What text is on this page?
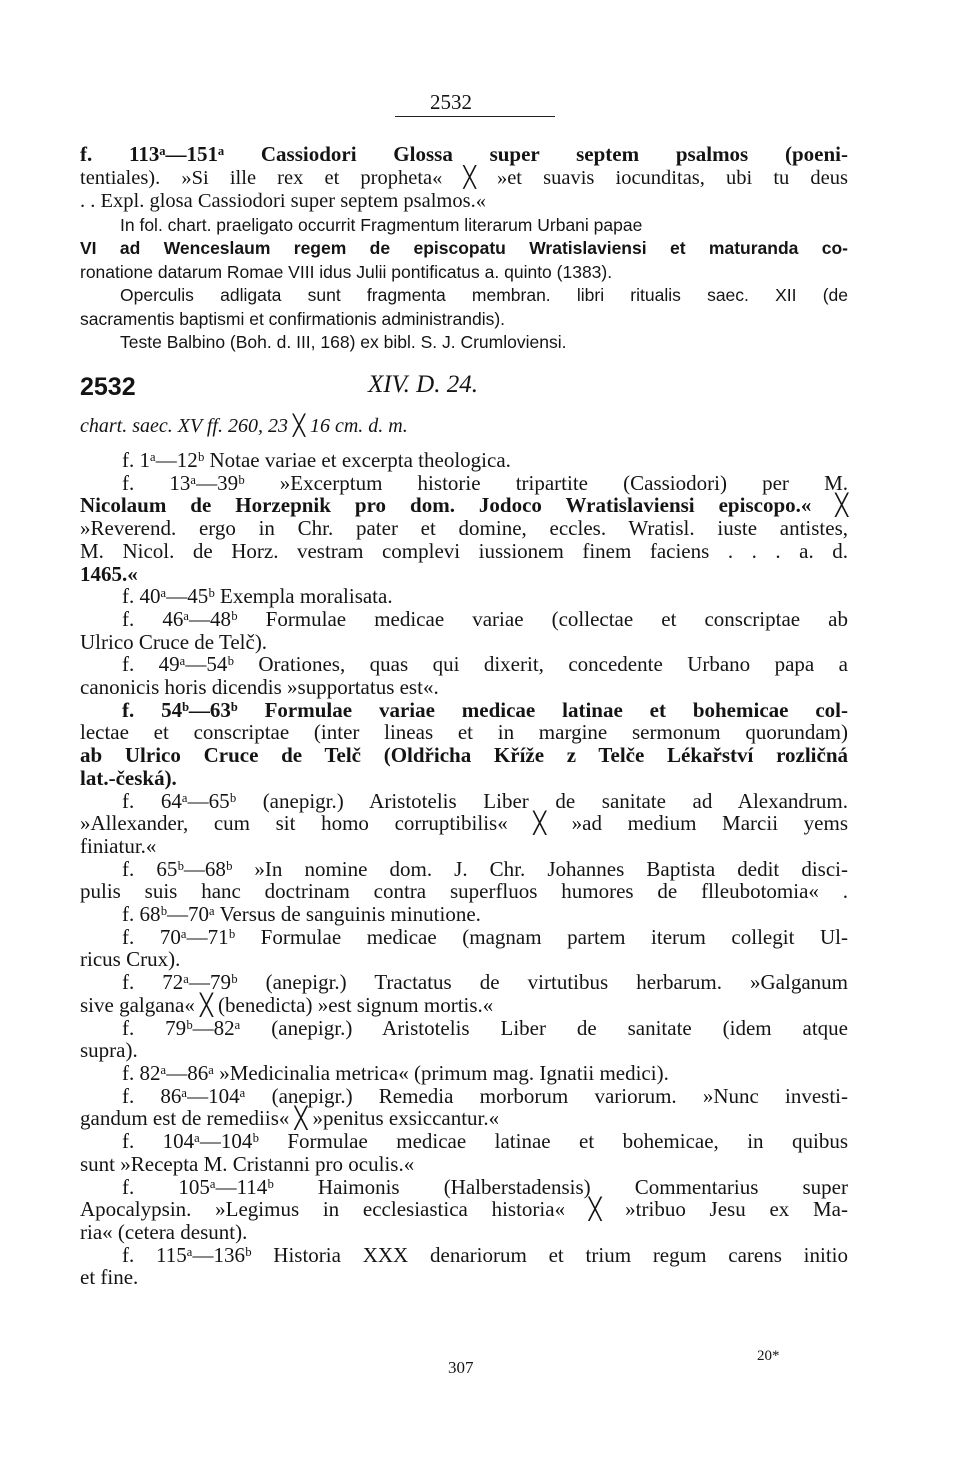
2532
f. 113ᵃ—151ᵃ Cassiodori Glossa super septem psalmos (poeni-
tentiales). »Si ille rex et propheta« ╳ »et suavis iocunditas, ubi tu deus
. . Expl. glosa Cassiodori super septem psalmos.«
In fol. chart. praeligato occurrit Fragmentum literarum Urbani papae
VI ad Wenceslaum regem de episcopatu Wratislaviensi et maturanda co-
ronatione datarum Romae VIII idus Julii pontificatus a. quinto (1383).
Operculis adligata sunt fragmenta membran. libri ritualis saec. XII (de
sacramentis baptismi et confirmationis administrandis).
Teste Balbino (Boh. d. III, 168) ex bibl. S. J. Crumloviensi.
2532	XIV. D. 24.
chart. saec. XV ff. 260, 23 ╳ 16 cm. d. m.
f. 1ᵃ—12ᵇ Notae variae et excerpta theologica.
f. 13ᵃ—39ᵇ »Excerptum historie tripartite (Cassiodori) per M.
Nicolaum de Horzepnik pro dom. Jodoco Wratislaviensi episcopo.« ╳
»Reverend. ergo in Chr. pater et domine, eccles. Wratisl. iuste antistes,
M. Nicol. de Horz. vestram complevi iussionem finem faciens . . . a. d.
1465.«
f. 40ᵃ—45ᵇ Exempla moralisata.
f. 46ᵃ—48ᵇ Formulae medicae variae (collectae et conscriptae ab
Ulrico Cruce de Telč).
f. 49ᵃ—54ᵇ Orationes, quas qui dixerit, concedente Urbano papa a
canonicis horis dicendis »supportatus est«.
f. 54ᵇ—63ᵇ Formulae variae medicae latinae et bohemicae col-
lectae et conscriptae (inter lineas et in margine sermonum quorundam)
ab Ulrico Cruce de Telč (Oldřicha Kříže z Telče Lékařství rozličná
lat.-česká).
f. 64ᵃ—65ᵇ (anepigr.) Aristotelis Liber de sanitate ad Alexandrum.
»Allexander, cum sit homo corruptibilis« ╳ »ad medium Marcii yems
finiatur.«
f. 65ᵇ—68ᵇ »In nomine dom. J. Chr. Johannes Baptista dedit disci-
pulis suis hanc doctrinam contra superfluos humores de flleubotomia« .
f. 68ᵇ—70ᵃ Versus de sanguinis minutione.
f. 70ᵃ—71ᵇ Formulae medicae (magnam partem iterum collegit Ul-
ricus Crux).
f. 72ᵃ—79ᵇ (anepigr.) Tractatus de virtutibus herbarum. »Galganum
sive galgana« ╳ (benedicta) »est signum mortis.«
f. 79ᵇ—82ᵃ (anepigr.) Aristotelis Liber de sanitate (idem atque
supra).
f. 82ᵃ—86ᵃ »Medicinalia metrica« (primum mag. Ignatii medici).
f. 86ᵃ—104ᵃ (anepigr.) Remedia morborum variorum. »Nunc investi-
gandum est de remediis« ╳ »penitus exsiccantur.«
f. 104ᵃ—104ᵇ Formulae medicae latinae et bohemicae, in quibus
sunt »Recepta M. Cristanni pro oculis.«
f. 105ᵃ—114ᵇ Haimonis (Halberstadensis) Commentarius super
Apocalypsin. »Legimus in ecclesiastica historia« ╳ »tribuo Jesu ex Ma-
ria« (cetera desunt).
f. 115ᵃ—136ᵇ Historia XXX denariorum et trium regum carens initio
et fine.
307
20*
